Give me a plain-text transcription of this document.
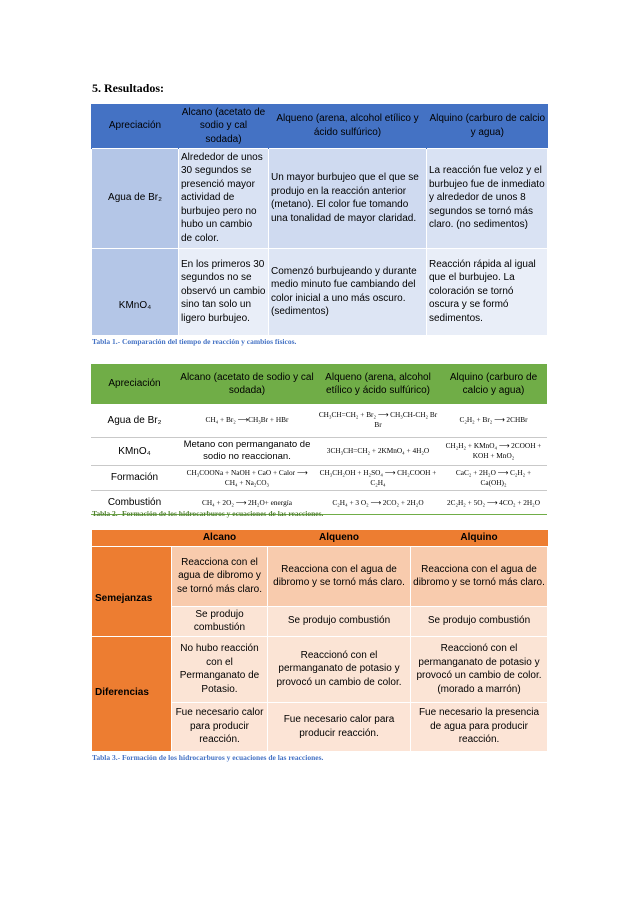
5. Resultados:
Apreciación	Alcano (acetato de sodio y cal sodada)	Alqueno (arena, alcohol etílico y ácido sulfúrico)	Alquino (carburo de calcio y agua)
Agua de Br₂	Alrededor de unos 30 segundos se presenció mayor actividad de burbujeo pero no hubo un cambio de color.	Un mayor burbujeo que el que se produjo en la reacción anterior (metano). El color fue tomando una tonalidad de mayor claridad.	La reacción fue veloz y el burbujeo fue de inmediato y alrededor de unos 8 segundos se tornó más claro. (no sedimentos)
KMnO₄	En los primeros 30 segundos no se observó un cambio sino tan solo un ligero burbujeo.	Comenzó burbujeando y durante medio minuto fue cambiando del color inicial a uno más oscuro. (sedimentos)	Reacción rápida al igual que el burbujeo. La coloración se tornó oscura y se formó sedimentos.
Tabla 1.- Comparación del tiempo de reacción y cambios físicos.
Apreciación	Alcano (acetato de sodio y cal sodada)	Alqueno (arena, alcohol etílico y ácido sulfúrico)	Alquino (carburo de calcio y agua)
Agua de Br₂	CH₄ + Br₂ ⟶CH₃Br + HBr	CH₃CH=CH₂ + Br₂ ⟶ CH₃CH-CH₂ Br Br	C₂H₂ + Br₂ ⟶ 2CHBr
KMnO₄	Metano con permanganato de sodio no reaccionan.	3CH₃CH=CH₂ + 2KMnO₄ + 4H₂O	CH₂H₂ + KMnO₄ ⟶ 2COOH + KOH + MnO₂
Formación	CH₃COONa + NaOH + CaO + Calor ⟶ CH₄ + Na₂CO₃	CH₃CH₂OH + H₂SO₄ ⟶ CH₂COOH + C₂H₄	CaC₂ + 2H₂O ⟶ C₂H₂ + Ca(OH)₂
Combustión	CH₄ + 2O₂ ⟶ 2H₂O+ energía	C₂H₄ + 3 O₂ ⟶ 2CO₂ + 2H₂O	2C₂H₂ + 5O₂ ⟶ 4CO₂ + 2H₂O
Tabla 2.- Formación de los hidrocarburos y ecuaciones de las reacciones.
	Alcano	Alqueno	Alquino
Semejanzas	Reacciona con el agua de dibromo y se tornó más claro.	Reacciona con el agua de dibromo y se tornó más claro.	Reacciona con el agua de dibromo y se tornó más claro.
	Se produjo combustión	Se produjo combustión	Se produjo combustión
Diferencias	No hubo reacción con el Permanganato de Potasio.	Reaccionó con el permanganato de potasio y provocó un cambio de color.	Reaccionó con el permanganato de potasio y provocó un cambio de color. (morado a marrón)
	Fue necesario calor para producir reacción.	Fue necesario calor para producir reacción.	Fue necesario la presencia de agua para producir reacción.
Tabla 3.- Formación de los hidrocarburos y ecuaciones de las reacciones.
